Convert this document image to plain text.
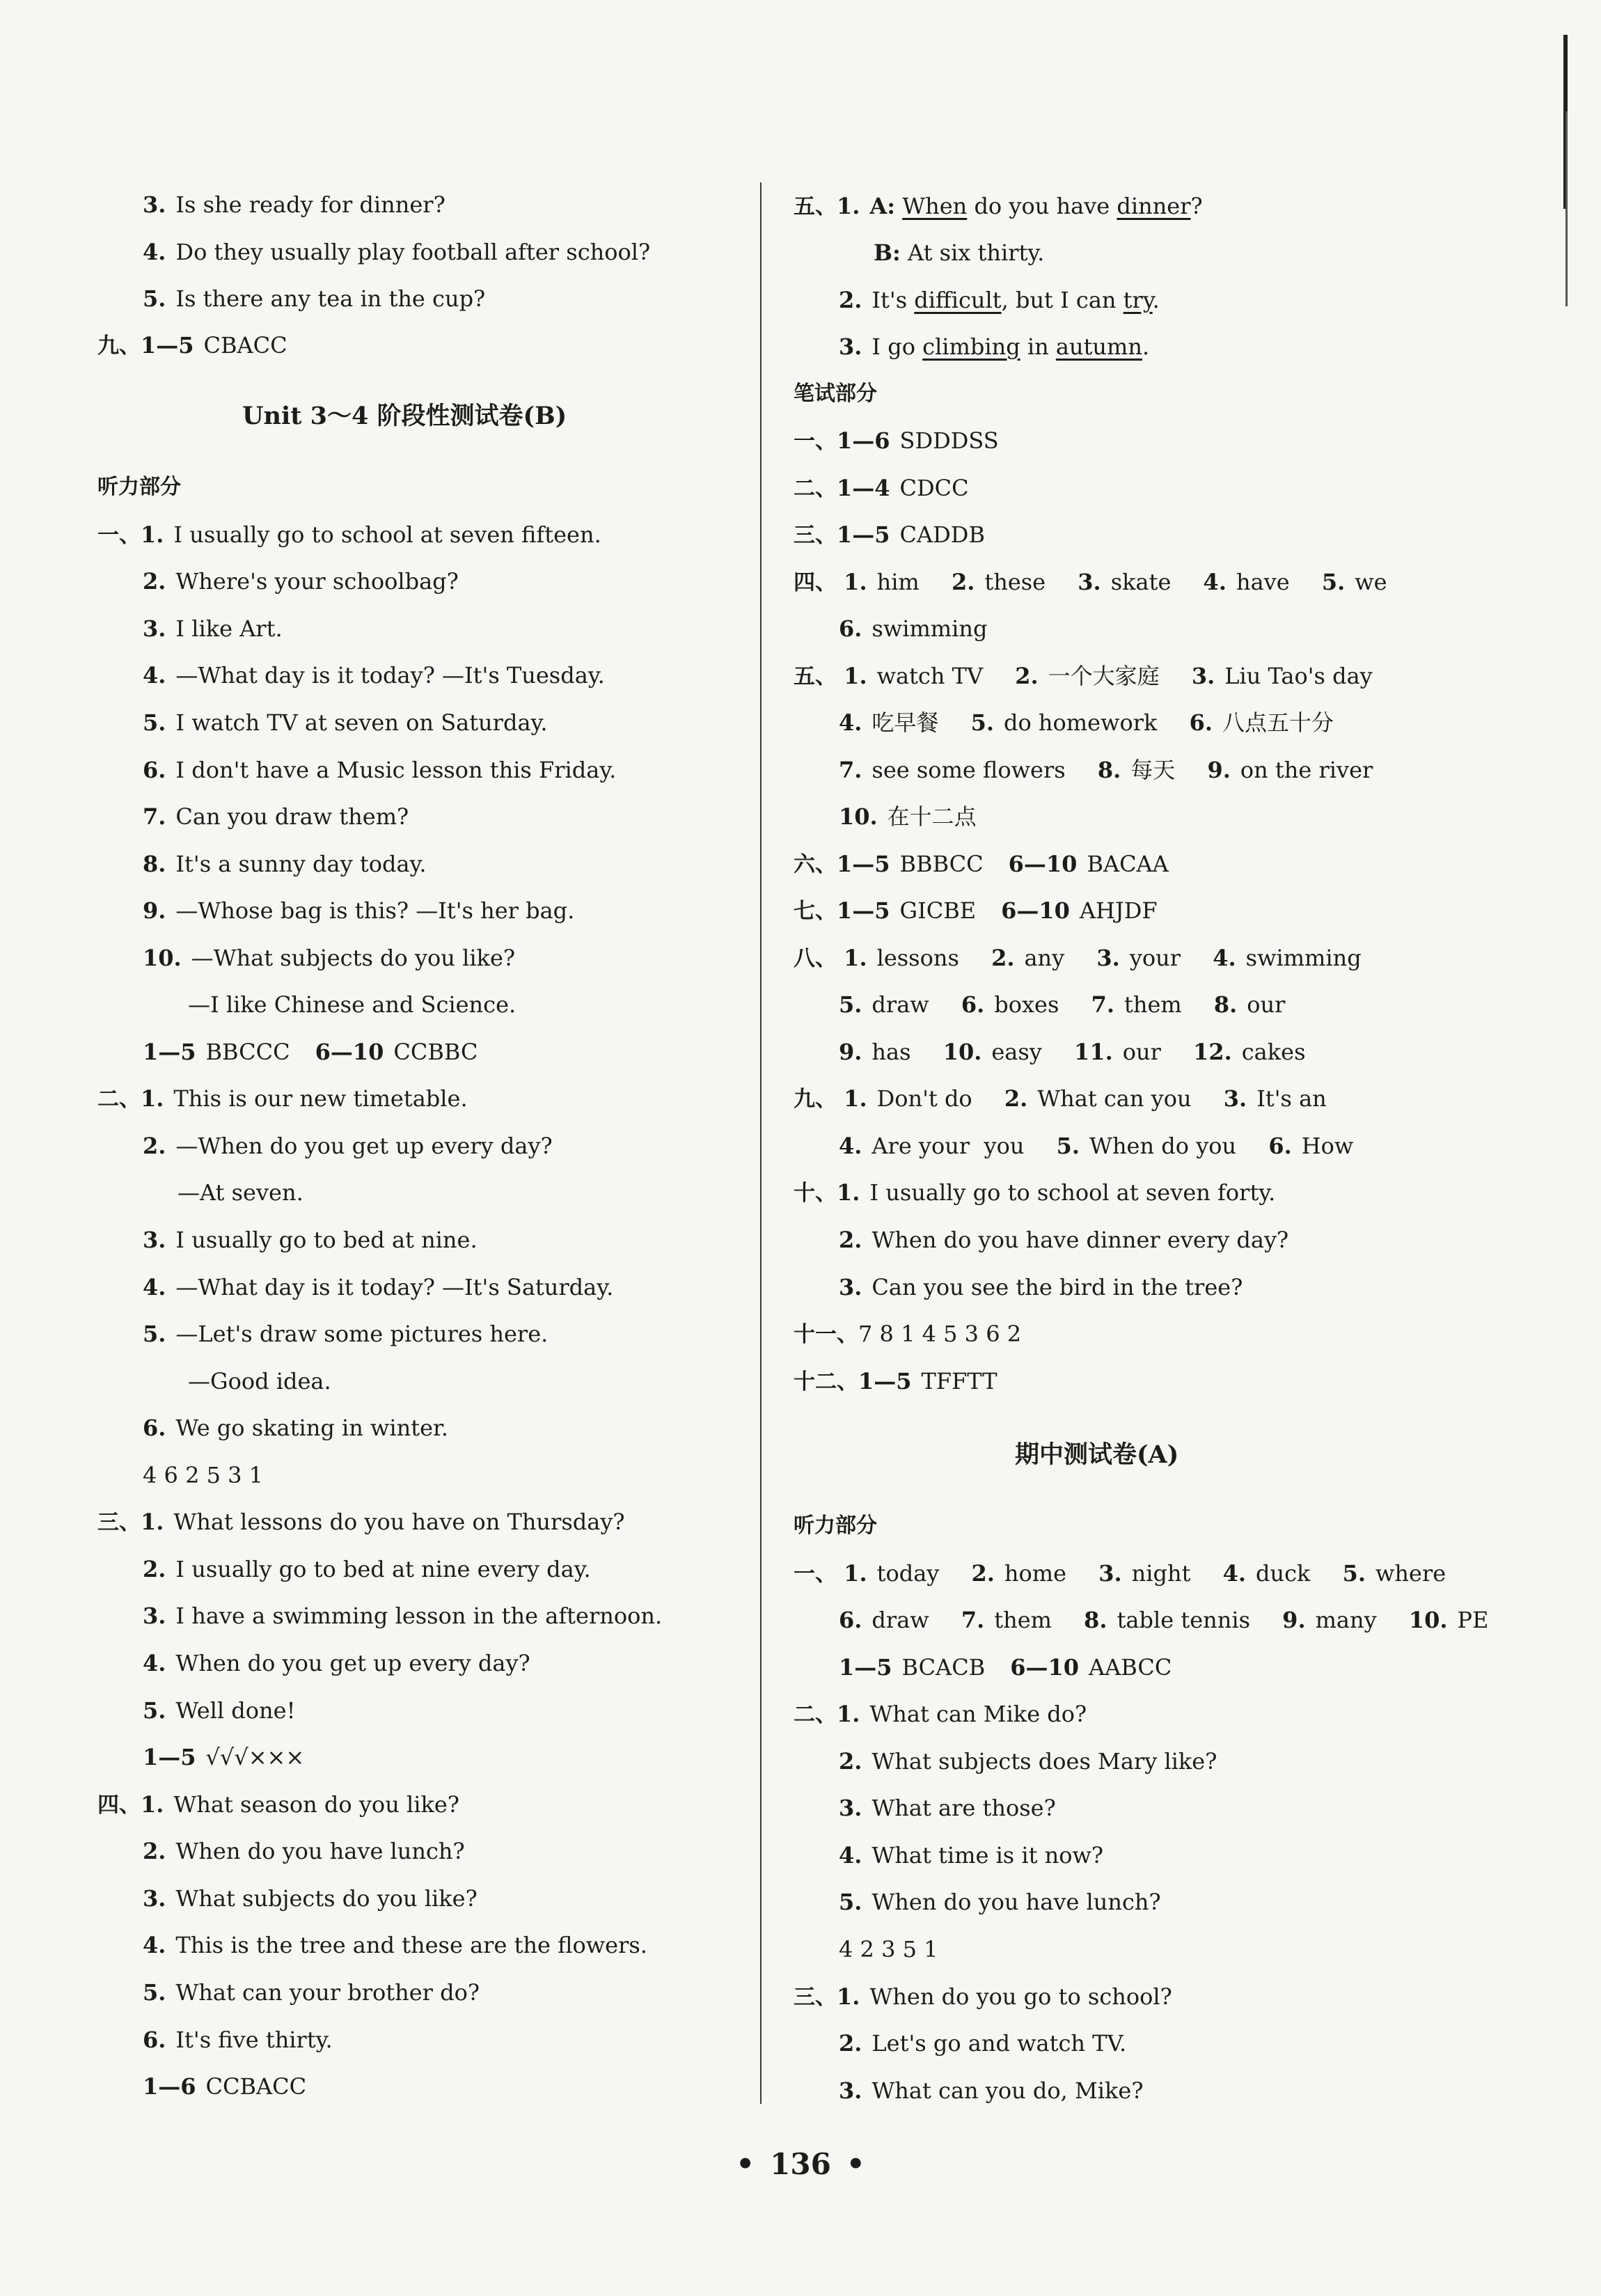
3. Is she ready for dinner?
4. Do they usually play football after school?
5. Is there any tea in the cup?
九、1—5 CBACC
Unit 3～4 阶段性测试卷(B)
听力部分
一、1. I usually go to school at seven fifteen.
2. Where's your schoolbag?
3. I like Art.
4. —What day is it today? —It's Tuesday.
5. I watch TV at seven on Saturday.
6. I don't have a Music lesson this Friday.
7. Can you draw them?
8. It's a sunny day today.
9. —Whose bag is this? —It's her bag.
10. —What subjects do you like?
—I like Chinese and Science.
1—5 BBCCC 6—10 CCBBC
二、1. This is our new timetable.
2. —When do you get up every day?
—At seven.
3. I usually go to bed at nine.
4. —What day is it today? —It's Saturday.
5. —Let's draw some pictures here.
—Good idea.
6. We go skating in winter.
4 6 2 5 3 1
三、1. What lessons do you have on Thursday?
2. I usually go to bed at nine every day.
3. I have a swimming lesson in the afternoon.
4. When do you get up every day?
5. Well done!
1—5 √√√×××
四、1. What season do you like?
2. When do you have lunch?
3. What subjects do you like?
4. This is the tree and these are the flowers.
5. What can your brother do?
6. It's five thirty.
1—6 CCBACC
五、1. A: When do you have dinner?
B: At six thirty.
2. It's difficult, but I can try.
3. I go climbing in autumn.
笔试部分
一、1—6 SDDDSS
二、1—4 CDCC
三、1—5 CADDB
四、 1. him 2. these 3. skate 4. have 5. we
6. swimming
五、 1. watch TV 2. 一个大家庭 3. Liu Tao's day
4. 吃早餐 5. do homework 6. 八点五十分
7. see some flowers 8. 每天 9. on the river
10. 在十二点
六、1—5 BBBCC 6—10 BACAA
七、1—5 GICBE 6—10 AHJDF
八、 1. lessons 2. any 3. your 4. swimming
5. draw 6. boxes 7. them 8. our
9. has 10. easy 11. our 12. cakes
九、 1. Don't do 2. What can you 3. It's an
4. Are your  you 5. When do you 6. How
十、1. I usually go to school at seven forty.
2. When do you have dinner every day?
3. Can you see the bird in the tree?
十一、7 8 1 4 5 3 6 2
十二、1—5 TFFTT
期中测试卷(A)
听力部分
一、 1. today 2. home 3. night 4. duck 5. where
6. draw 7. them 8. table tennis 9. many 10. PE
1—5 BCACB 6—10 AABCC
二、1. What can Mike do?
2. What subjects does Mary like?
3. What are those?
4. What time is it now?
5. When do you have lunch?
4 2 3 5 1
三、1. When do you go to school?
2. Let's go and watch TV.
3. What can you do, Mike?
• 136 •
